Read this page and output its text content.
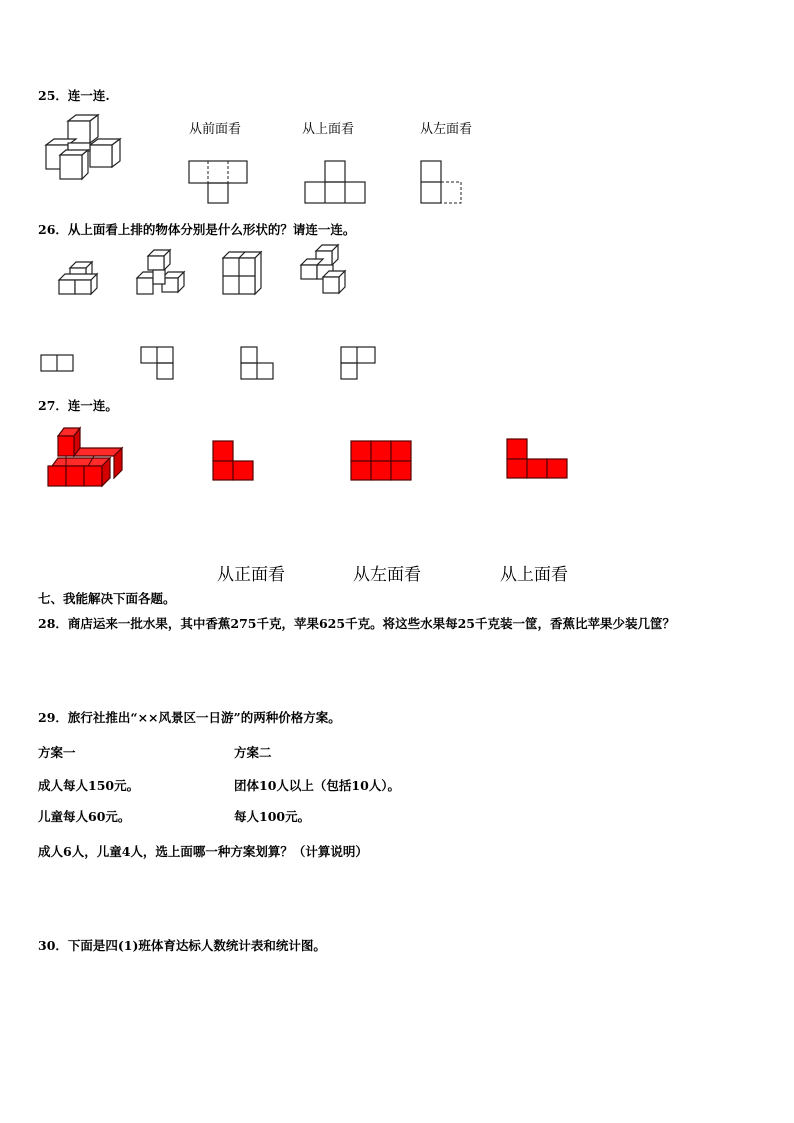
25．连一连.
从前面看	从上面看	从左面看
26．从上面看上排的物体分别是什么形状的？请连一连。
27．连一连。
从正面看	从左面看	从上面看
七、我能解决下面各题。
28．商店运来一批水果，其中香蕉275千克，苹果625千克。将这些水果每25千克装一筐，香蕉比苹果少装几筐？
29．旅行社推出“××风景区一日游”的两种价格方案。
方案一	方案二
成人每人150元。	团体10人以上（包括10人）。
儿童每人60元。	每人100元。
成人6人，儿童4人，选上面哪一种方案划算？（计算说明）
30．下面是四(1)班体育达标人数统计表和统计图。
